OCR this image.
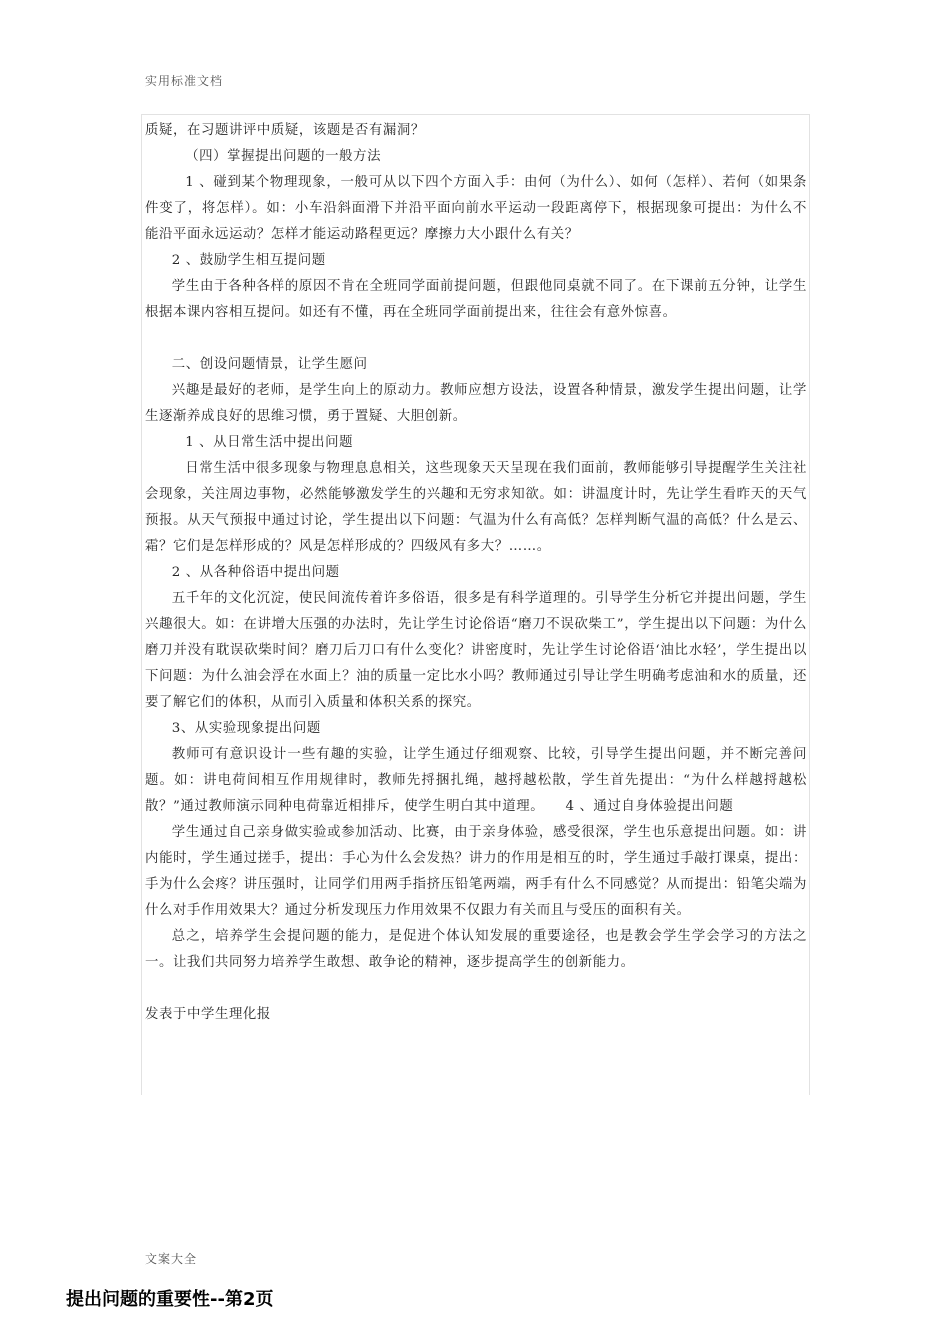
实用标准文档

质疑，在习题讲评中质疑，该题是否有漏洞？

（四）掌握提出问题的一般方法

1 、碰到某个物理现象，一般可从以下四个方面入手：由何（为什么）、如何（怎样）、若何（如果条件变了，将怎样）。如：小车沿斜面滑下并沿平面向前水平运动一段距离停下，根据现象可提出：为什么不能沿平面永远运动？怎样才能运动路程更远？摩擦力大小跟什么有关？

2 、鼓励学生相互提问题

学生由于各种各样的原因不肯在全班同学面前提问题，但跟他同桌就不同了。在下课前五分钟，让学生根据本课内容相互提问。如还有不懂，再在全班同学面前提出来，往往会有意外惊喜。

二、创设问题情景，让学生愿问

兴趣是最好的老师，是学生向上的原动力。教师应想方设法，设置各种情景，激发学生提出问题，让学生逐渐养成良好的思维习惯，勇于置疑、大胆创新。

1 、从日常生活中提出问题

日常生活中很多现象与物理息息相关，这些现象天天呈现在我们面前，教师能够引导提醒学生关注社会现象，关注周边事物，必然能够激发学生的兴趣和无穷求知欲。如：讲温度计时，先让学生看昨天的天气预报。从天气预报中通过讨论，学生提出以下问题：气温为什么有高低？怎样判断气温的高低？什么是云、霜？它们是怎样形成的？风是怎样形成的？四级风有多大？……。

2 、从各种俗语中提出问题

五千年的文化沉淀，使民间流传着许多俗语，很多是有科学道理的。引导学生分析它并提出问题，学生兴趣很大。如：在讲增大压强的办法时，先让学生讨论俗语“磨刀不误砍柴工”，学生提出以下问题：为什么磨刀并没有耽误砍柴时间？磨刀后刀口有什么变化？讲密度时，先让学生讨论俗语‘油比水轻’，学生提出以下问题：为什么油会浮在水面上？油的质量一定比水小吗？教师通过引导让学生明确考虑油和水的质量，还要了解它们的体积，从而引入质量和体积关系的探究。

3、从实验现象提出问题

教师可有意识设计一些有趣的实验，让学生通过仔细观察、比较，引导学生提出问题，并不断完善问题。如：讲电荷间相互作用规律时，教师先捋捆扎绳，越捋越松散，学生首先提出：“为什么样越捋越松散？”通过教师演示同种电荷靠近相排斥，使学生明白其中道理。　　4 、通过自身体验提出问题

学生通过自己亲身做实验或参加活动、比赛，由于亲身体验，感受很深，学生也乐意提出问题。如：讲内能时，学生通过搓手，提出：手心为什么会发热？讲力的作用是相互的时，学生通过手敲打课桌，提出：手为什么会疼？讲压强时，让同学们用两手指挤压铅笔两端，两手有什么不同感觉？从而提出：铅笔尖端为什么对手作用效果大？通过分析发现压力作用效果不仅跟力有关而且与受压的面积有关。

总之，培养学生会提问题的能力，是促进个体认知发展的重要途径，也是教会学生学会学习的方法之一。让我们共同努力培养学生敢想、敢争论的精神，逐步提高学生的创新能力。

发表于中学生理化报

文案大全
提出问题的重要性--第2页
